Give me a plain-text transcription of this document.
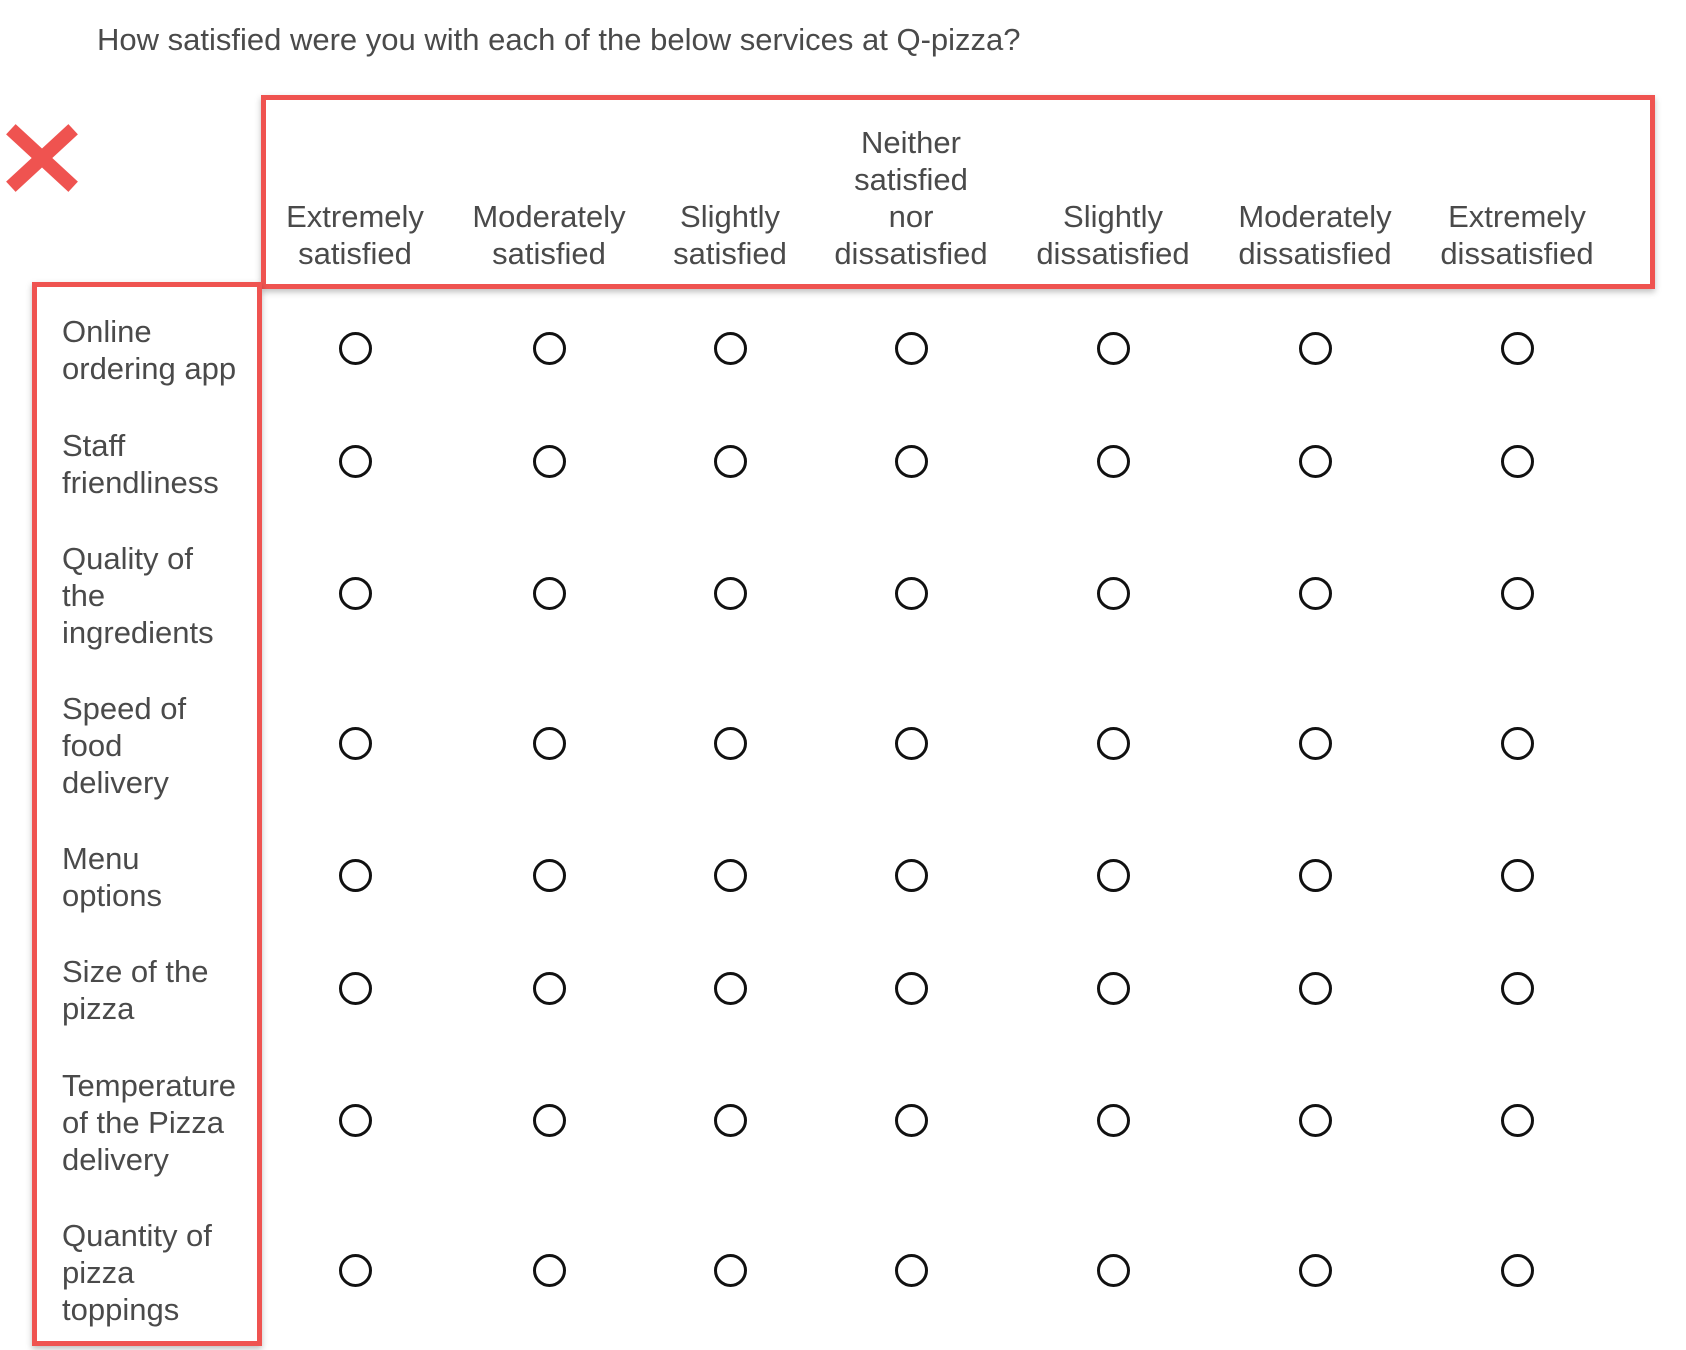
How satisfied were you with each of the below services at Q-pizza?
Extremely
satisfied
Moderately
satisfied
Slightly
satisfied
Neither
satisfied
nor
dissatisfied
Slightly
dissatisfied
Moderately
dissatisfied
Extremely
dissatisfied
Online
ordering app
Staff
friendliness
Quality of
the
ingredients
Speed of
food
delivery
Menu
options
Size of the
pizza
Temperature
of the Pizza
delivery
Quantity of
pizza
toppings
